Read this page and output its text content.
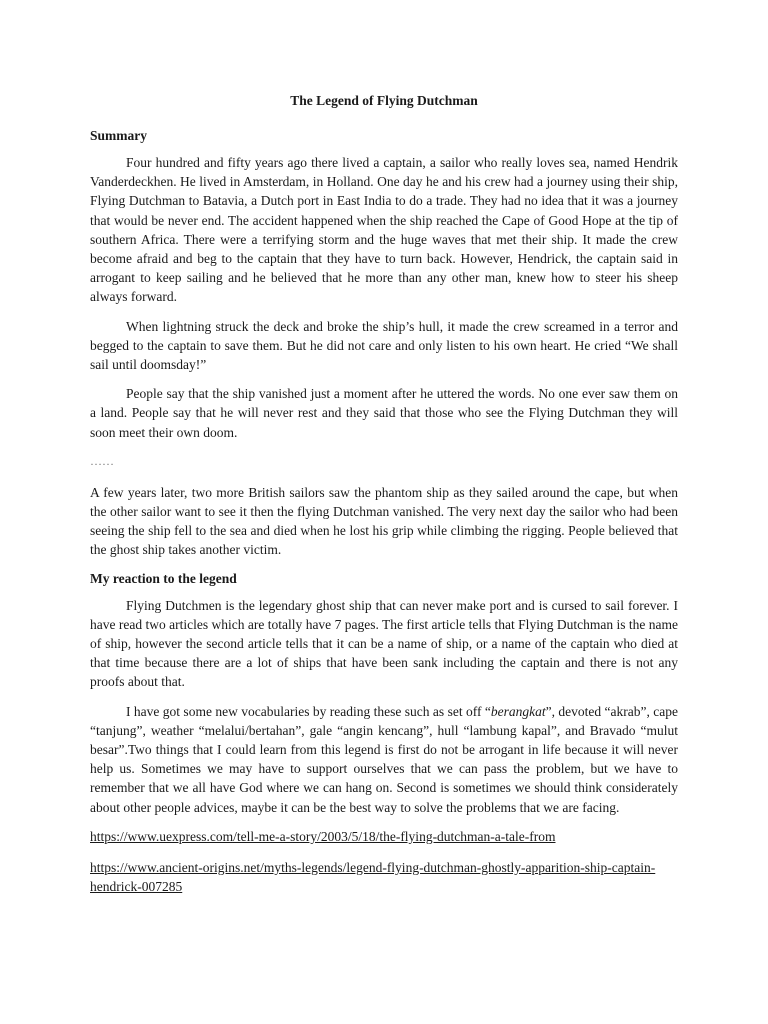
The Legend of Flying Dutchman
Summary

Four hundred and fifty years ago there lived a captain, a sailor who really loves sea, named Hendrik Vanderdeckhen. He lived in Amsterdam, in Holland. One day he and his crew had a journey using their ship, Flying Dutchman to Batavia, a Dutch port in East India to do a trade. They had no idea that it was a journey that would be never end. The accident happened when the ship reached the Cape of Good Hope at the tip of southern Africa. There were a terrifying storm and the huge waves that met their ship. It made the crew become afraid and beg to the captain that they have to turn back. However, Hendrick, the captain said in arrogant to keep sailing and he believed that he more than any other man, knew how to steer his sheep always forward.

When lightning struck the deck and broke the ship’s hull, it made the crew screamed in a terror and begged to the captain to save them. But he did not care and only listen to his own heart. He cried “We shall sail until doomsday!”

People say that the ship vanished just a moment after he uttered the words. No one ever saw them on a land. People say that he will never rest and they said that those who see the Flying Dutchman they will soon meet their own doom.

……

A few years later, two more British sailors saw the phantom ship as they sailed around the cape, but when the other sailor want to see it then the flying Dutchman vanished. The very next day the sailor who had been seeing the ship fell to the sea and died when he lost his grip while climbing the rigging. People believed that the ghost ship takes another victim.

My reaction to the legend

Flying Dutchmen is the legendary ghost ship that can never make port and is cursed to sail forever. I have read two articles which are totally have 7 pages. The first article tells that Flying Dutchman is the name of ship, however the second article tells that it can be a name of ship, or a name of the captain who died at that time because there are a lot of ships that have been sank including the captain and there is not any proofs about that.

I have got some new vocabularies by reading these such as set off “berangkat”, devoted “akrab”, cape “tanjung”, weather “melalui/bertahan”, gale “angin kencang”, hull “lambung kapal”, and Bravado “mulut besar”.Two things that I could learn from this legend is first do not be arrogant in life because it will never help us. Sometimes we may have to support ourselves that we can pass the problem, but we have to remember that we all have God where we can hang on. Second is sometimes we should think considerately about other people advices, maybe it can be the best way to solve the problems that we are facing.

https://www.uexpress.com/tell-me-a-story/2003/5/18/the-flying-dutchman-a-tale-from
https://www.ancient-origins.net/myths-legends/legend-flying-dutchman-ghostly-apparition-ship-captain-hendrick-007285
